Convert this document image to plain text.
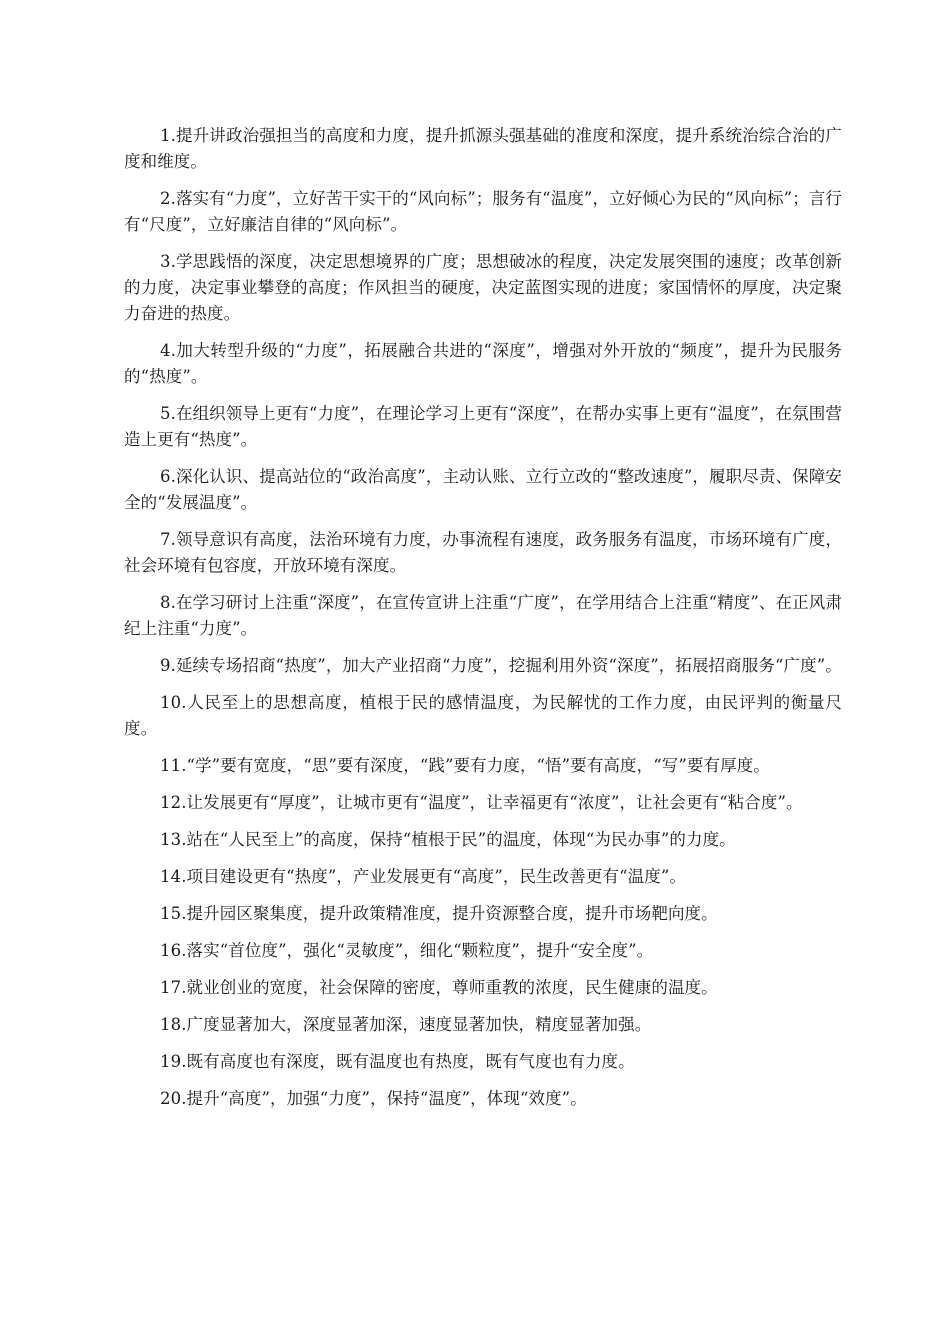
1.提升讲政治强担当的高度和力度，提升抓源头强基础的准度和深度，提升系统治综合治的广度和维度。

2.落实有“力度”，立好苦干实干的“风向标”；服务有“温度”，立好倾心为民的“风向标”；言行有“尺度”，立好廉洁自律的“风向标”。

3.学思践悟的深度，决定思想境界的广度；思想破冰的程度，决定发展突围的速度；改革创新的力度，决定事业攀登的高度；作风担当的硬度，决定蓝图实现的进度；家国情怀的厚度，决定聚力奋进的热度。

4.加大转型升级的“力度”，拓展融合共进的“深度”，增强对外开放的“频度”，提升为民服务的“热度”。

5.在组织领导上更有“力度”，在理论学习上更有“深度”，在帮办实事上更有“温度”，在氛围营造上更有“热度”。

6.深化认识、提高站位的“政治高度”，主动认账、立行立改的“整改速度”，履职尽责、保障安全的“发展温度”。

7.领导意识有高度，法治环境有力度，办事流程有速度，政务服务有温度，市场环境有广度，社会环境有包容度，开放环境有深度。

8.在学习研讨上注重“深度”，在宣传宣讲上注重“广度”，在学用结合上注重“精度”、在正风肃纪上注重“力度”。

9.延续专场招商“热度”，加大产业招商“力度”，挖掘利用外资“深度”，拓展招商服务“广度”。

10.人民至上的思想高度，植根于民的感情温度，为民解忧的工作力度，由民评判的衡量尺度。

11.“学”要有宽度，“思”要有深度，“践”要有力度，“悟”要有高度，“写”要有厚度。

12.让发展更有“厚度”，让城市更有“温度”，让幸福更有“浓度”，让社会更有“粘合度”。

13.站在“人民至上”的高度，保持“植根于民”的温度，体现“为民办事”的力度。

14.项目建设更有“热度”，产业发展更有“高度”，民生改善更有“温度”。

15.提升园区聚集度，提升政策精准度，提升资源整合度，提升市场靶向度。

16.落实“首位度”，强化“灵敏度”，细化“颗粒度”，提升“安全度”。

17.就业创业的宽度，社会保障的密度，尊师重教的浓度，民生健康的温度。

18.广度显著加大，深度显著加深，速度显著加快，精度显著加强。

19.既有高度也有深度，既有温度也有热度，既有气度也有力度。

20.提升“高度”，加强“力度”，保持“温度”，体现“效度”。
